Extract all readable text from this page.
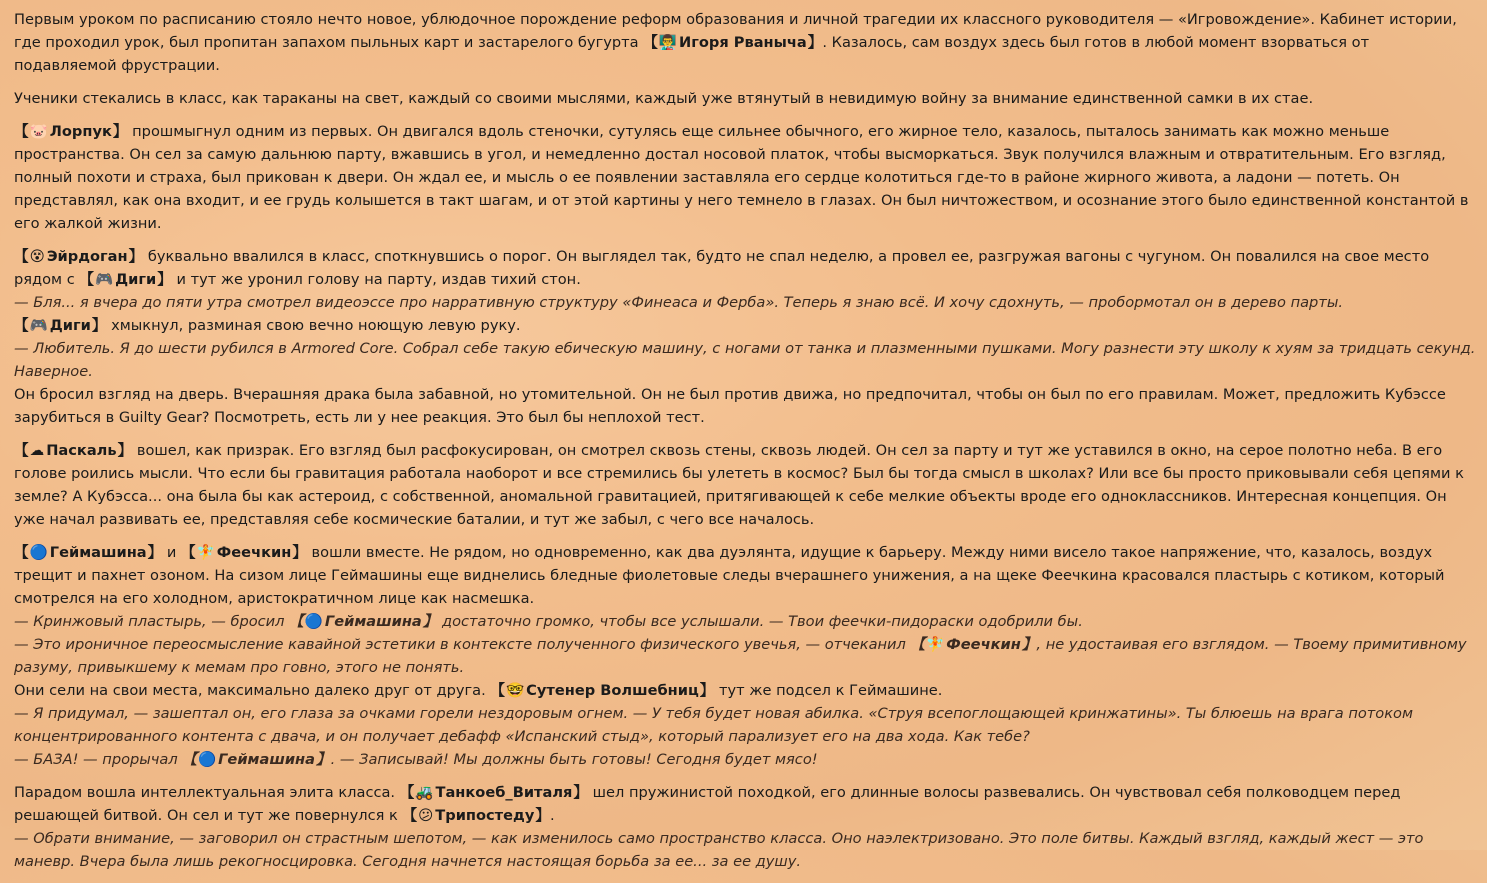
Первым уроком по расписанию стояло нечто новое, ублюдочное порождение реформ образования и личной трагедии их классного руководителя — «Игровождение». Кабинет истории, где проходил урок, был пропитан запахом пыльных карт и застарелого бугурта 【👨‍🏫 Игоря Рваныча】. Казалось, сам воздух здесь был готов в любой момент взорваться от подавляемой фрустрации.

Ученики стекались в класс, как тараканы на свет, каждый со своими мыслями, каждый уже втянутый в невидимую войну за внимание единственной самки в их стае.

【🐷 Лорпук】 прошмыгнул одним из первых. Он двигался вдоль стеночки, сутулясь еще сильнее обычного, его жирное тело, казалось, пыталось занимать как можно меньше пространства. Он сел за самую дальнюю парту, вжавшись в угол, и немедленно достал носовой платок, чтобы высморкаться. Звук получился влажным и отвратительным. Его взгляд, полный похоти и страха, был прикован к двери. Он ждал ее, и мысль о ее появлении заставляла его сердце колотиться где-то в районе жирного живота, а ладони — потеть. Он представлял, как она входит, и ее грудь колышется в такт шагам, и от этой картины у него темнело в глазах. Он был ничтожеством, и осознание этого было единственной константой в его жалкой жизни.

【😵 Эйрдоган】 буквально ввалился в класс, споткнувшись о порог. Он выглядел так, будто не спал неделю, а провел ее, разгружая вагоны с чугуном. Он повалился на свое место рядом с 【🎮 Диги】 и тут же уронил голову на парту, издав тихий стон.
— Бля... я вчера до пяти утра смотрел видеоэссе про нарративную структуру «Финеаса и Ферба». Теперь я знаю всё. И хочу сдохнуть, — пробормотал он в дерево парты.
【🎮 Диги】 хмыкнул, разминая свою вечно ноющую левую руку.
— Любитель. Я до шести рубился в Armored Core. Собрал себе такую ебическую машину, с ногами от танка и плазменными пушками. Могу разнести эту школу к хуям за тридцать секунд. Наверное.
Он бросил взгляд на дверь. Вчерашняя драка была забавной, но утомительной. Он не был против движа, но предпочитал, чтобы он был по его правилам. Может, предложить Кубэссе зарубиться в Guilty Gear? Посмотреть, есть ли у нее реакция. Это был бы неплохой тест.

【☁ Паскаль】 вошел, как призрак. Его взгляд был расфокусирован, он смотрел сквозь стены, сквозь людей. Он сел за парту и тут же уставился в окно, на серое полотно неба. В его голове роились мысли. Что если бы гравитация работала наоборот и все стремились бы улететь в космос? Был бы тогда смысл в школах? Или все бы просто приковывали себя цепями к земле? А Кубэсса... она была бы как астероид, с собственной, аномальной гравитацией, притягивающей к себе мелкие объекты вроде его одноклассников. Интересная концепция. Он уже начал развивать ее, представляя себе космические баталии, и тут же забыл, с чего все началось.

【🔵 Геймашина】 и 【🧚 Феечкин】 вошли вместе. Не рядом, но одновременно, как два дуэлянта, идущие к барьеру. Между ними висело такое напряжение, что, казалось, воздух трещит и пахнет озоном. На сизом лице Геймашины еще виднелись бледные фиолетовые следы вчерашнего унижения, а на щеке Феечкина красовался пластырь с котиком, который смотрелся на его холодном, аристократичном лице как насмешка.
— Кринжовый пластырь, — бросил 【🔵 Геймашина】 достаточно громко, чтобы все услышали. — Твои феечки-пидораски одобрили бы.
— Это ироничное переосмысление кавайной эстетики в контексте полученного физического увечья, — отчеканил 【🧚 Феечкин】, не удостаивая его взглядом. — Твоему примитивному разуму, привыкшему к мемам про говно, этого не понять.
Они сели на свои места, максимально далеко друг от друга. 【🤓 Сутенер Волшебниц】 тут же подсел к Геймашине.
— Я придумал, — зашептал он, его глаза за очками горели нездоровым огнем. — У тебя будет новая абилка. «Струя всепоглощающей кринжатины». Ты блюешь на врага потоком концентрированного контента с двача, и он получает дебафф «Испанский стыд», который парализует его на два хода. Как тебе?
— БАЗА! — прорычал 【🔵 Геймашина】. — Записывай! Мы должны быть готовы! Сегодня будет мясо!
Парадом вошла интеллектуальная элита класса. 【🚜 Танкоеб_Виталя】 шел пружинистой походкой, его длинные волосы развевались. Он чувствовал себя полководцем перед решающей битвой. Он сел и тут же повернулся к 【😕 Трипостеду】.
— Обрати внимание, — заговорил он страстным шепотом, — как изменилось само пространство класса. Оно наэлектризовано. Это поле битвы. Каждый взгляд, каждый жест — это маневр. Вчера была лишь рекогносцировка. Сегодня начнется настоящая борьба за ее... за ее душу.
